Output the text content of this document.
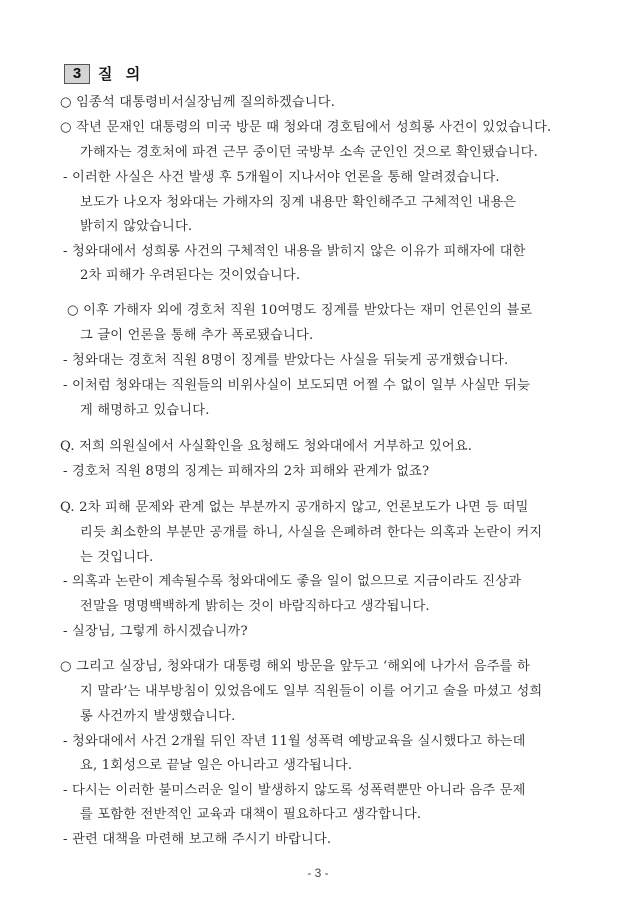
3	질 의
○ 임종석 대통령비서실장님께 질의하겠습니다.
○ 작년 문재인 대통령의 미국 방문 때 청와대 경호팀에서 성희롱 사건이 있었습니다.
가해자는 경호처에 파견 근무 중이던 국방부 소속 군인인 것으로 확인됐습니다.
- 이러한 사실은 사건 발생 후 5개월이 지나서야 언론을 통해 알려졌습니다.
보도가 나오자 청와대는 가해자의 징계 내용만 확인해주고 구체적인 내용은
밝히지 않았습니다.
- 청와대에서 성희롱 사건의 구체적인 내용을 밝히지 않은 이유가 피해자에 대한
2차 피해가 우려된다는 것이었습니다.
○ 이후 가해자 외에 경호처 직원 10여명도 징계를 받았다는 재미 언론인의 블로
그 글이 언론을 통해 추가 폭로됐습니다.
- 청와대는 경호처 직원 8명이 징계를 받았다는 사실을 뒤늦게 공개했습니다.
- 이처럼 청와대는 직원들의 비위사실이 보도되면 어쩔 수 없이 일부 사실만 뒤늦
게 해명하고 있습니다.
Q. 저희 의원실에서 사실확인을 요청해도 청와대에서 거부하고 있어요.
- 경호처 직원 8명의 징계는 피해자의 2차 피해와 관계가 없죠?
Q. 2차 피해 문제와 관계 없는 부분까지 공개하지 않고, 언론보도가 나면 등 떠밀
리듯 최소한의 부분만 공개를 하니, 사실을 은폐하려 한다는 의혹과 논란이 커지
는 것입니다.
- 의혹과 논란이 계속될수록 청와대에도 좋을 일이 없으므로 지금이라도 진상과
전말을 명명백백하게 밝히는 것이 바람직하다고 생각됩니다.
- 실장님, 그렇게 하시겠습니까?
○ 그리고 실장님, 청와대가 대통령 해외 방문을 앞두고 ‘해외에 나가서 음주를 하
지 말라’는 내부방침이 있었음에도 일부 직원들이 이를 어기고 술을 마셨고 성희
롱 사건까지 발생했습니다.
- 청와대에서 사건 2개월 뒤인 작년 11월 성폭력 예방교육을 실시했다고 하는데
요, 1회성으로 끝날 일은 아니라고 생각됩니다.
- 다시는 이러한 불미스러운 일이 발생하지 않도록 성폭력뿐만 아니라 음주 문제
를 포함한 전반적인 교육과 대책이 필요하다고 생각합니다.
- 관련 대책을 마련해 보고해 주시기 바랍니다.
- 3 -
